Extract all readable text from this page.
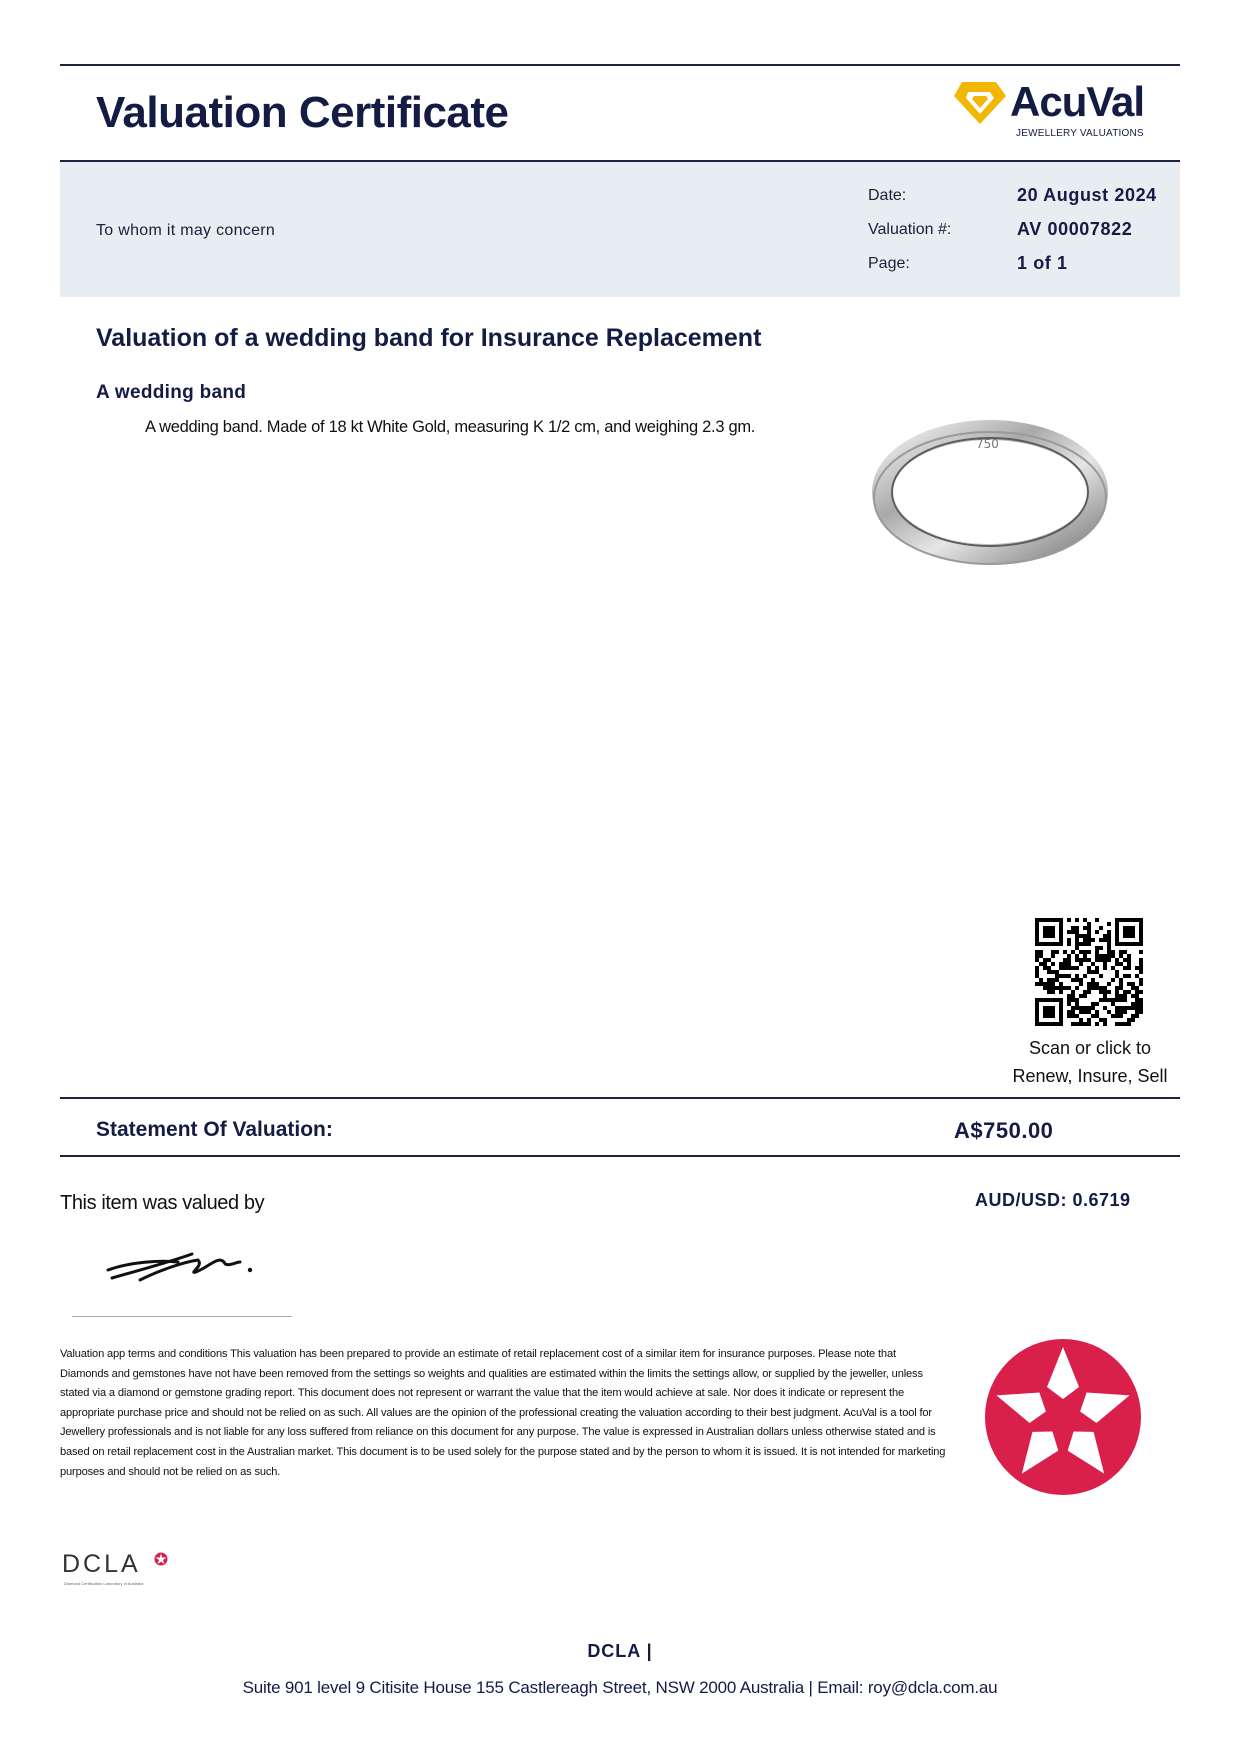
Valuation Certificate	AcuVal
JEWELLERY VALUATIONS
To whom it may concern
Date:	20 August 2024
Valuation #:	AV 00007822
Page:	1 of 1
Valuation of a wedding band for Insurance Replacement
A wedding band
A wedding band. Made of 18 kt White Gold, measuring K 1/2 cm, and weighing 2.3 gm.
750
Scan or click to
Renew, Insure, Sell
Statement Of Valuation:	A$750.00
This item was valued by	AUD/USD: 0.6719
Valuation app terms and conditions This valuation has been prepared to provide an estimate of retail replacement cost of a similar item for insurance purposes. Please note that Diamonds and gemstones have not have been removed from the settings so weights and qualities are estimated within the limits the settings allow, or supplied by the jeweller, unless stated via a diamond or gemstone grading report. This document does not represent or warrant the value that the item would achieve at sale. Nor does it indicate or represent the appropriate purchase price and should not be relied on as such. All values are the opinion of the professional creating the valuation according to their best judgment. AcuVal is a tool for Jewellery professionals and is not liable for any loss suffered from reliance on this document for any purpose. The value is expressed in Australian dollars unless otherwise stated and is based on retail replacement cost in the Australian market. This document is to be used solely for the purpose stated and by the person to whom it is issued. It is not intended for marketing purposes and should not be relied on as such.
DCLA
Diamond Certification Laboratory of Australia
DCLA |
Suite 901 level 9 Citisite House 155 Castlereagh Street, NSW 2000 Australia | Email: roy@dcla.com.au
